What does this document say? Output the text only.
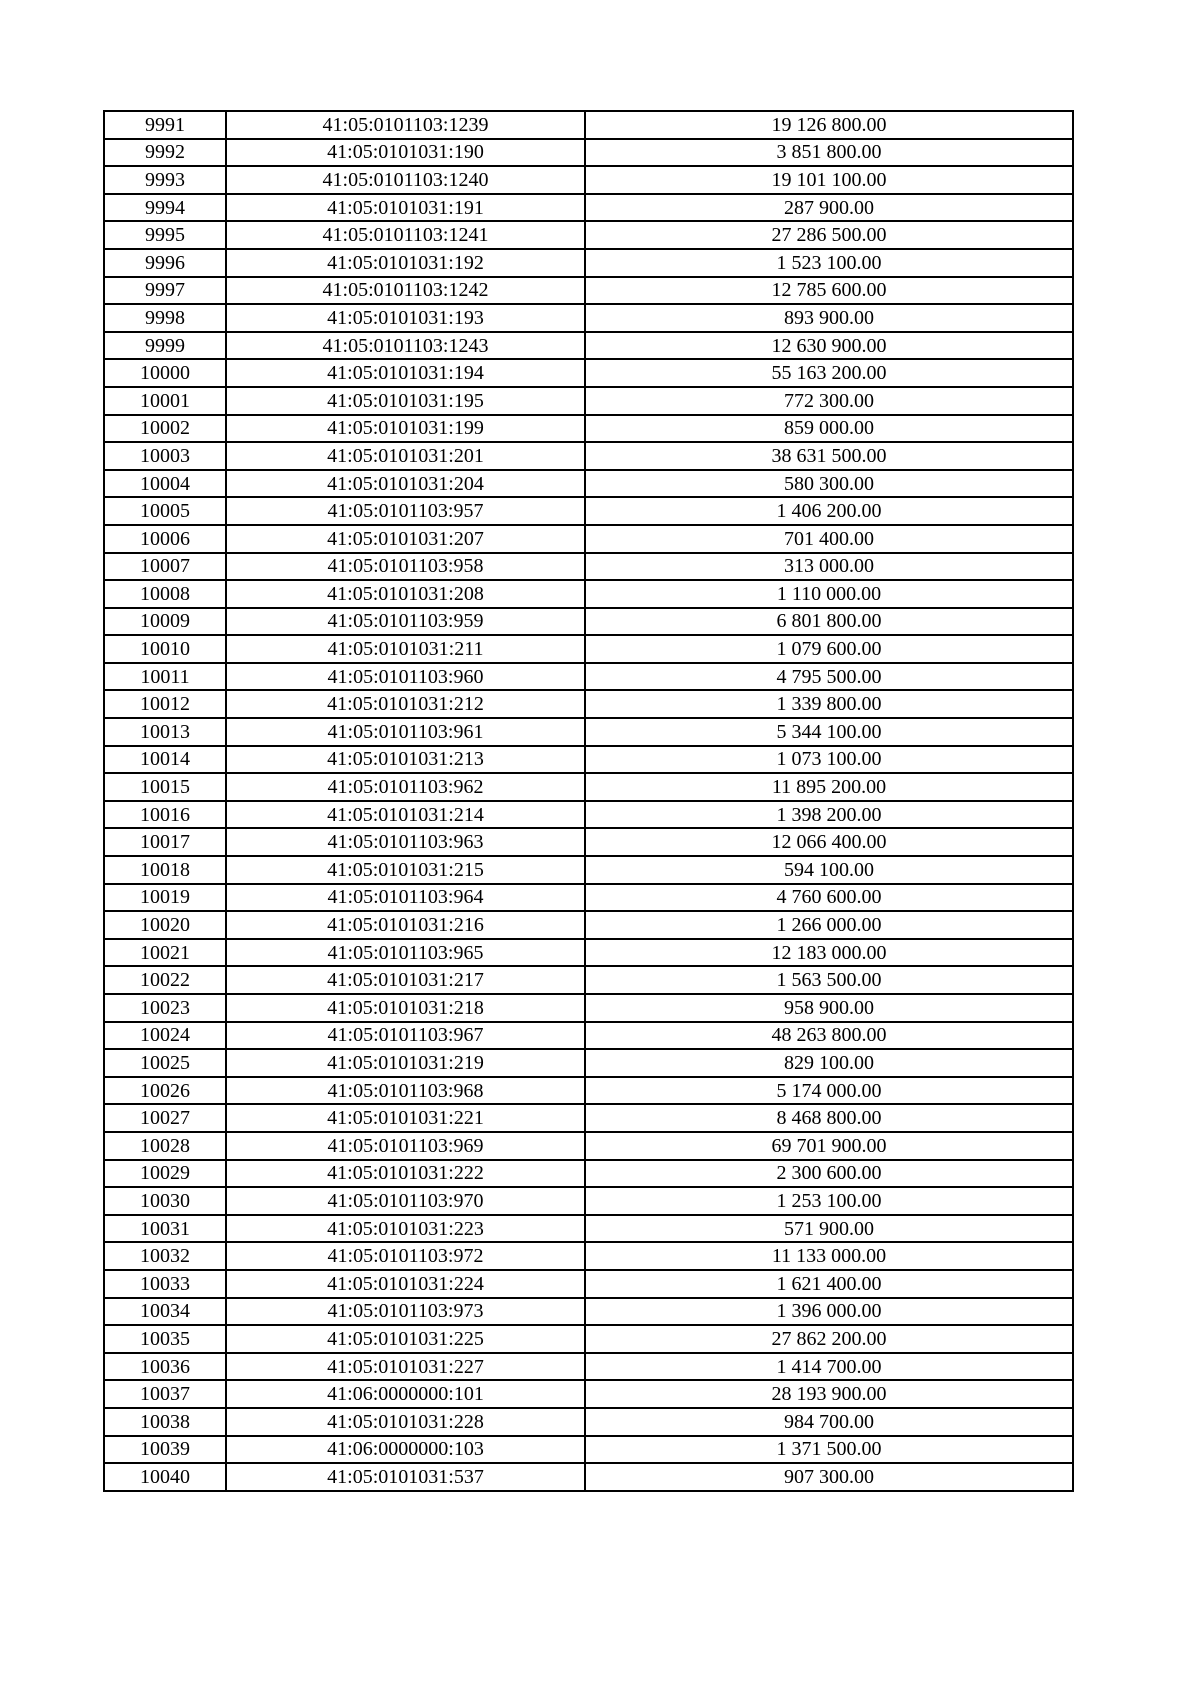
9991	41:05:0101103:1239	19 126 800.00
9992	41:05:0101031:190	3 851 800.00
9993	41:05:0101103:1240	19 101 100.00
9994	41:05:0101031:191	287 900.00
9995	41:05:0101103:1241	27 286 500.00
9996	41:05:0101031:192	1 523 100.00
9997	41:05:0101103:1242	12 785 600.00
9998	41:05:0101031:193	893 900.00
9999	41:05:0101103:1243	12 630 900.00
10000	41:05:0101031:194	55 163 200.00
10001	41:05:0101031:195	772 300.00
10002	41:05:0101031:199	859 000.00
10003	41:05:0101031:201	38 631 500.00
10004	41:05:0101031:204	580 300.00
10005	41:05:0101103:957	1 406 200.00
10006	41:05:0101031:207	701 400.00
10007	41:05:0101103:958	313 000.00
10008	41:05:0101031:208	1 110 000.00
10009	41:05:0101103:959	6 801 800.00
10010	41:05:0101031:211	1 079 600.00
10011	41:05:0101103:960	4 795 500.00
10012	41:05:0101031:212	1 339 800.00
10013	41:05:0101103:961	5 344 100.00
10014	41:05:0101031:213	1 073 100.00
10015	41:05:0101103:962	11 895 200.00
10016	41:05:0101031:214	1 398 200.00
10017	41:05:0101103:963	12 066 400.00
10018	41:05:0101031:215	594 100.00
10019	41:05:0101103:964	4 760 600.00
10020	41:05:0101031:216	1 266 000.00
10021	41:05:0101103:965	12 183 000.00
10022	41:05:0101031:217	1 563 500.00
10023	41:05:0101031:218	958 900.00
10024	41:05:0101103:967	48 263 800.00
10025	41:05:0101031:219	829 100.00
10026	41:05:0101103:968	5 174 000.00
10027	41:05:0101031:221	8 468 800.00
10028	41:05:0101103:969	69 701 900.00
10029	41:05:0101031:222	2 300 600.00
10030	41:05:0101103:970	1 253 100.00
10031	41:05:0101031:223	571 900.00
10032	41:05:0101103:972	11 133 000.00
10033	41:05:0101031:224	1 621 400.00
10034	41:05:0101103:973	1 396 000.00
10035	41:05:0101031:225	27 862 200.00
10036	41:05:0101031:227	1 414 700.00
10037	41:06:0000000:101	28 193 900.00
10038	41:05:0101031:228	984 700.00
10039	41:06:0000000:103	1 371 500.00
10040	41:05:0101031:537	907 300.00
